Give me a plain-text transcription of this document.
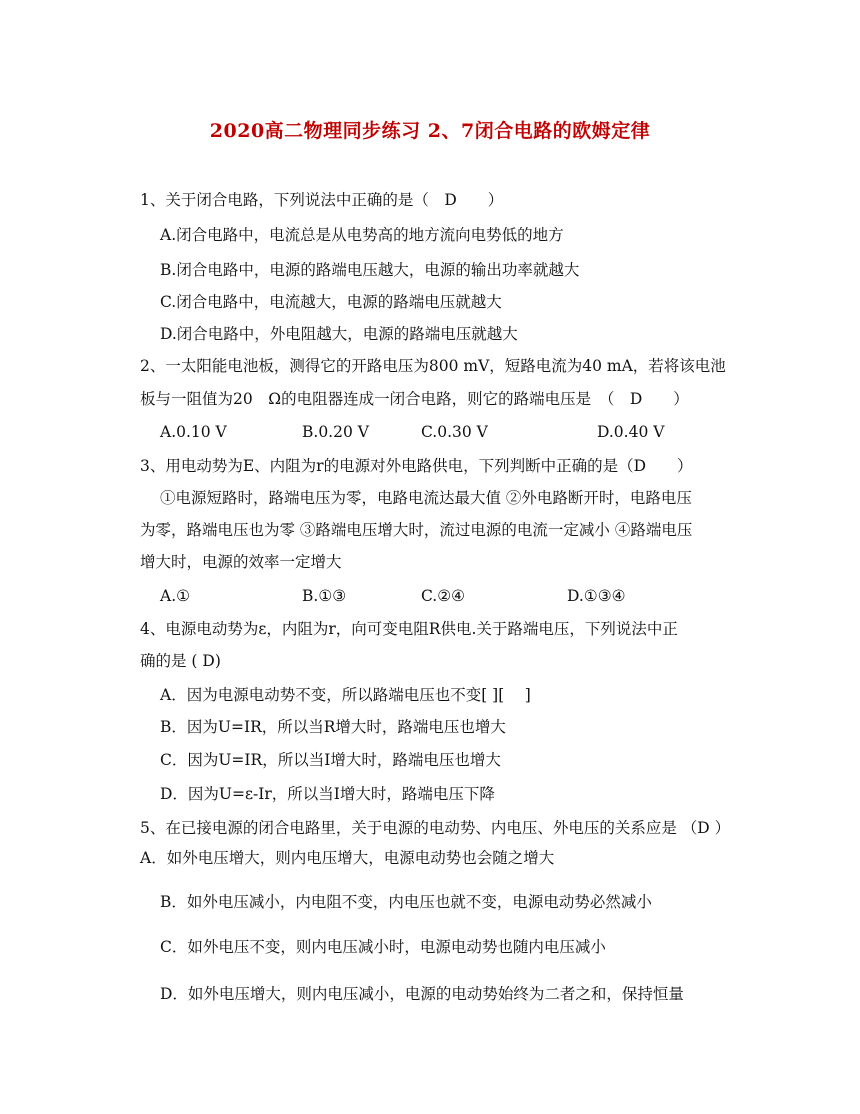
2020高二物理同步练习 2、7闭合电路的欧姆定律
1、关于闭合电路，下列说法中正确的是（　D　　）
A.闭合电路中，电流总是从电势高的地方流向电势低的地方
B.闭合电路中，电源的路端电压越大，电源的输出功率就越大
C.闭合电路中，电流越大，电源的路端电压就越大
D.闭合电路中，外电阻越大，电源的路端电压就越大
2、一太阳能电池板，测得它的开路电压为800 mV，短路电流为40 mA，若将该电池
板与一阻值为20　Ω的电阻器连成一闭合电路，则它的路端电压是　（　D　　）
A.0.10 V	B.0.20 V	C.0.30 V	D.0.40 V
3、用电动势为E、内阻为r的电源对外电路供电，下列判断中正确的是（D　　）
①电源短路时，路端电压为零，电路电流达最大值 ②外电路断开时，电路电压
为零，路端电压也为零 ③路端电压增大时，流过电源的电流一定减小 ④路端电压
增大时，电源的效率一定增大
A.①	B.①③	C.②④	D.①③④
4、电源电动势为ε，内阻为r，向可变电阻R供电.关于路端电压，下列说法中正
确的是 ( D)
A．因为电源电动势不变，所以路端电压也不变[ ][　 ]
B．因为U=IR，所以当R增大时，路端电压也增大
C．因为U=IR，所以当I增大时，路端电压也增大
D．因为U=ε-Ir，所以当I增大时，路端电压下降
5、在已接电源的闭合电路里，关于电源的电动势、内电压、外电压的关系应是 （D ）
A．如外电压增大，则内电压增大，电源电动势也会随之增大
B．如外电压减小，内电阻不变，内电压也就不变，电源电动势必然减小
C．如外电压不变，则内电压减小时，电源电动势也随内电压减小
D．如外电压增大，则内电压减小，电源的电动势始终为二者之和，保持恒量
